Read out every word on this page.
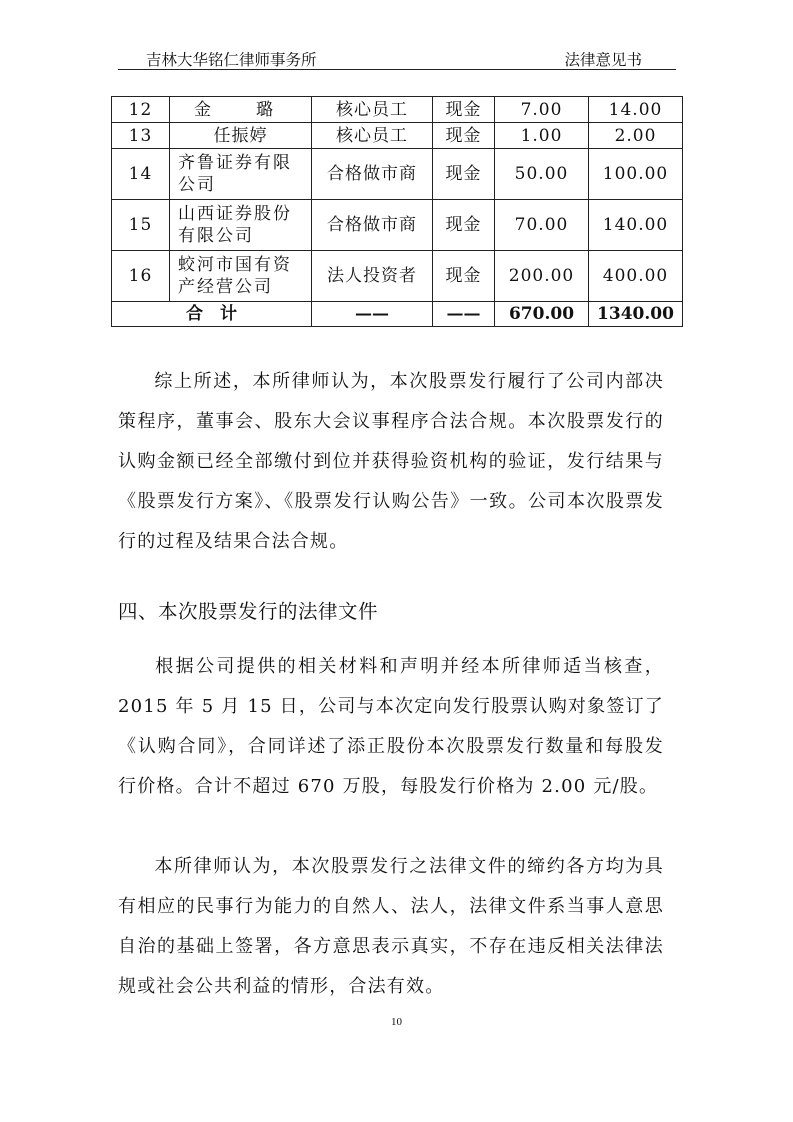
吉林大华铭仁律师事务所	法律意见书
12	金　璐	核心员工	现金	7.00	14.00
13	任振婷	核心员工	现金	1.00	2.00
14	齐鲁证券有限公司	合格做市商	现金	50.00	100.00
15	山西证券股份有限公司	合格做市商	现金	70.00	140.00
16	蛟河市国有资产经营公司	法人投资者	现金	200.00	400.00
合　计		——	——	670.00	1340.00

综上所述，本所律师认为，本次股票发行履行了公司内部决策程序，董事会、股东大会议事程序合法合规。本次股票发行的认购金额已经全部缴付到位并获得验资机构的验证，发行结果与《股票发行方案》、《股票发行认购公告》一致。公司本次股票发行的过程及结果合法合规。

四、本次股票发行的法律文件

根据公司提供的相关材料和声明并经本所律师适当核查，2015 年 5 月 15 日，公司与本次定向发行股票认购对象签订了《认购合同》，合同详述了添正股份本次股票发行数量和每股发行价格。合计不超过 670 万股，每股发行价格为 2.00 元/股。

本所律师认为，本次股票发行之法律文件的缔约各方均为具有相应的民事行为能力的自然人、法人，法律文件系当事人意思自治的基础上签署，各方意思表示真实，不存在违反相关法律法规或社会公共利益的情形，合法有效。

10
